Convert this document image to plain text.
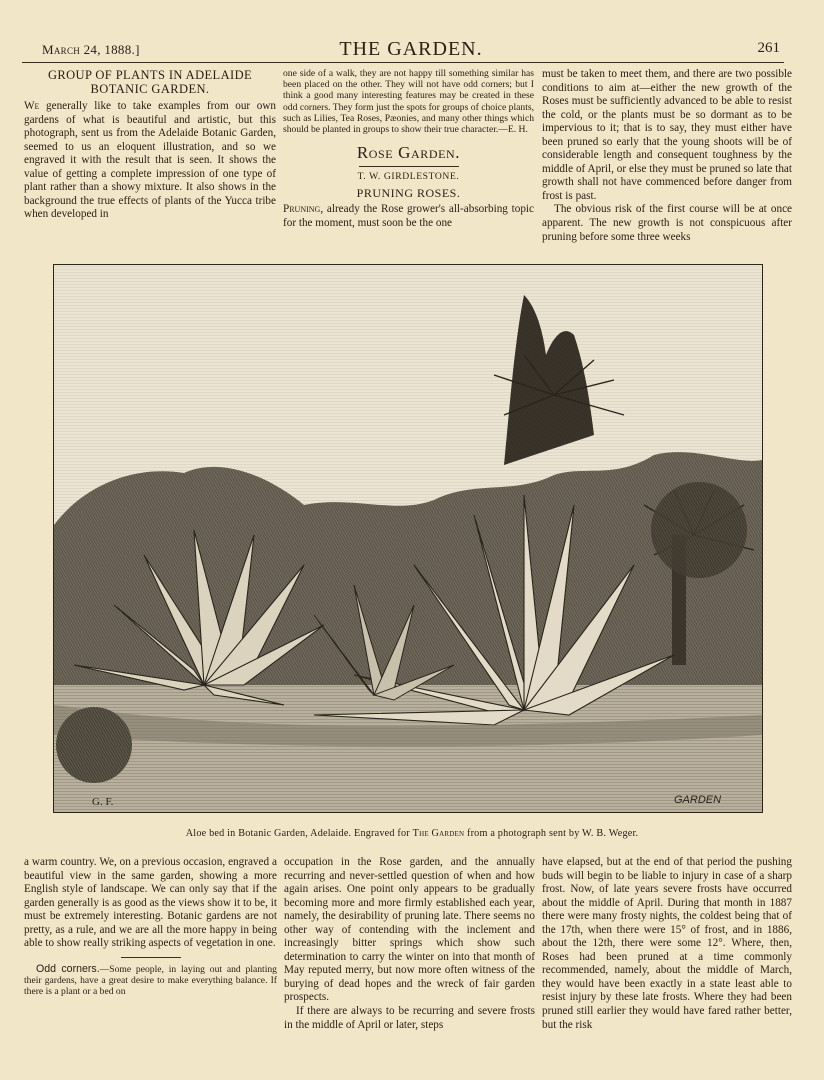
March 24, 1888.]	THE GARDEN.	261
GROUP OF PLANTS IN ADELAIDE
BOTANIC GARDEN.

We generally like to take examples from our own gardens of what is beautiful and artistic, but this photograph, sent us from the Adelaide Botanic Garden, seemed to us an eloquent illustration, and so we engraved it with the result that is seen. It shows the value of getting a complete impression of one type of plant rather than a showy mixture. It also shows in the background the true effects of plants of the Yucca tribe when developed in

one side of a walk, they are not happy till something similar has been placed on the other. They will not have odd corners; but I think a good many interesting features may be created in these odd corners. They form just the spots for groups of choice plants, such as Lilies, Tea Roses, Pæonies, and many other things which should be planted in groups to show their true character.—E. H.

Rose Garden.
T. W. GIRDLESTONE.
PRUNING ROSES.

Pruning, already the Rose grower's all-absorbing topic for the moment, must soon be the one

must be taken to meet them, and there are two possible conditions to aim at—either the new growth of the Roses must be sufficiently advanced to be able to resist the cold, or the plants must be so dormant as to be impervious to it; that is to say, they must either have been pruned so early that the young shoots will be of considerable length and consequent toughness by the middle of April, or else they must be pruned so late that growth shall not have commenced before danger from frost is past.

The obvious risk of the first course will be at once apparent. The new growth is not conspicuous after pruning before some three weeks

G. F.	GARDEN
Aloe bed in Botanic Garden, Adelaide. Engraved for The Garden from a photograph sent by W. B. Weger.

a warm country. We, on a previous occasion, engraved a beautiful view in the same garden, showing a more English style of landscape. We can only say that if the garden generally is as good as the views show it to be, it must be extremely interesting. Botanic gardens are not pretty, as a rule, and we are all the more happy in being able to show really striking aspects of vegetation in one.

Odd corners.—Some people, in laying out and planting their gardens, have a great desire to make everything balance. If there is a plant or a bed on

occupation in the Rose garden, and the annually recurring and never-settled question of when and how again arises. One point only appears to be gradually becoming more and more firmly established each year, namely, the desirability of pruning late. There seems no other way of contending with the inclement and increasingly bitter springs which show such determination to carry the winter on into that month of May reputed merry, but now more often witness of the burying of dead hopes and the wreck of fair garden prospects.

If there are always to be recurring and severe frosts in the middle of April or later, steps

have elapsed, but at the end of that period the pushing buds will begin to be liable to injury in case of a sharp frost. Now, of late years severe frosts have occurred about the middle of April. During that month in 1887 there were many frosty nights, the coldest being that of the 17th, when there were 15° of frost, and in 1886, about the 12th, there were some 12°. Where, then, Roses had been pruned at a time commonly recommended, namely, about the middle of March, they would have been exactly in a state least able to resist injury by these late frosts. Where they had been pruned still earlier they would have fared rather better, but the risk
